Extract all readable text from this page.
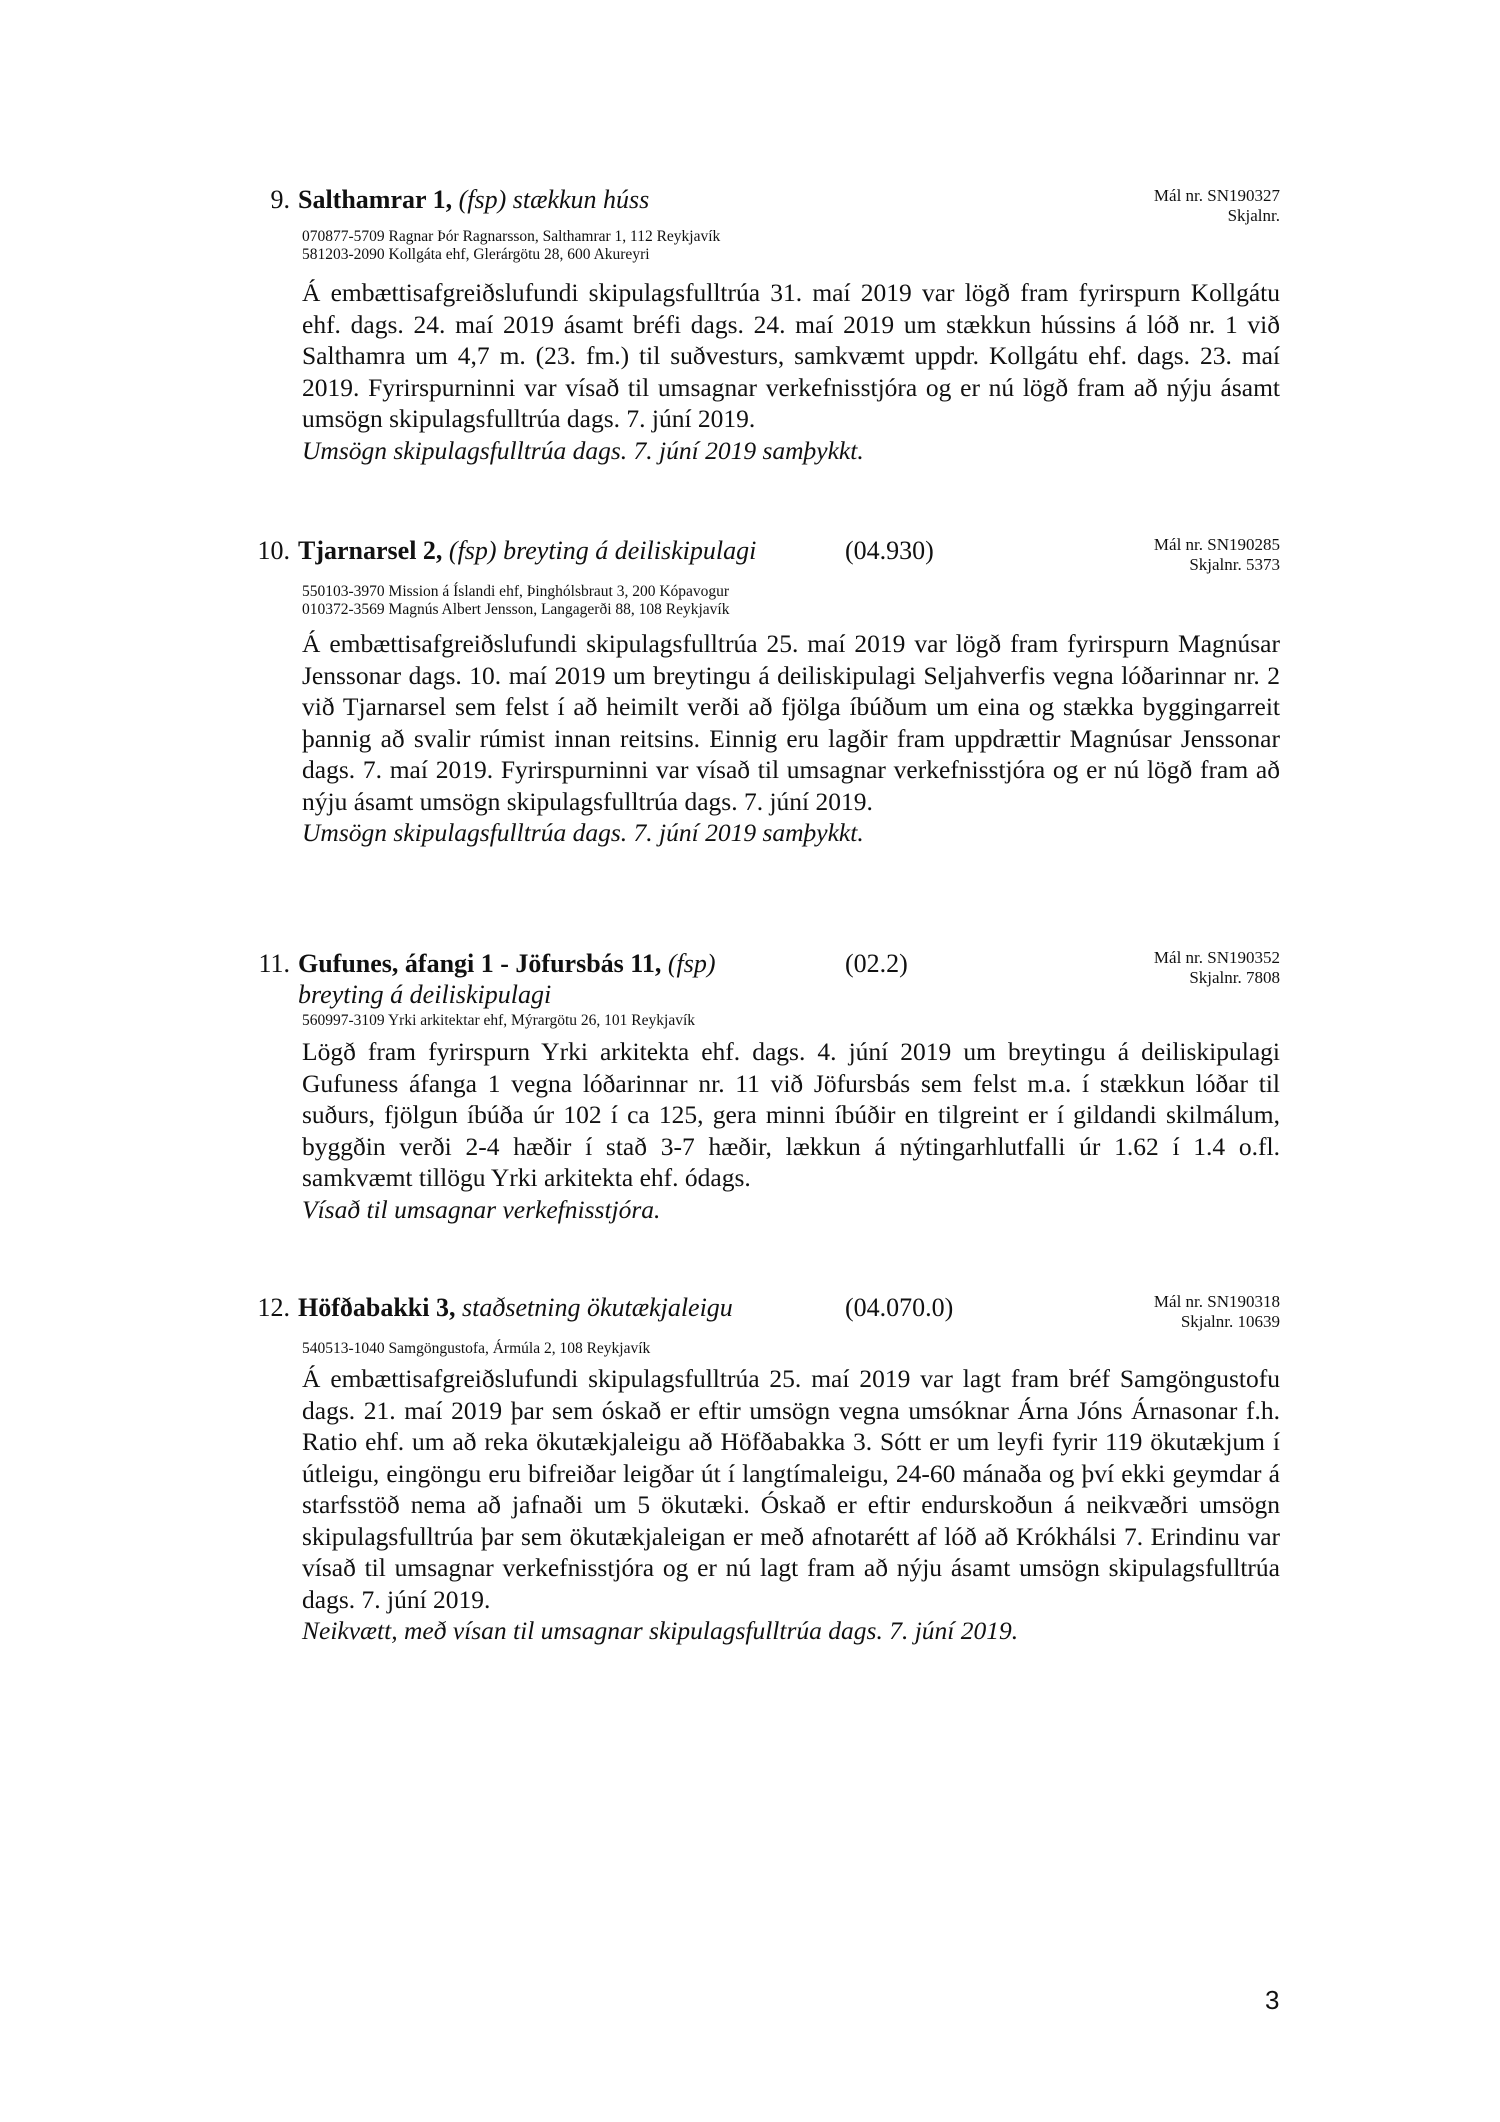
9. Salthamrar 1, (fsp) stækkun húss	Mál nr. SN190327
Skjalnr.
070877-5709 Ragnar Þór Ragnarsson, Salthamrar 1, 112 Reykjavík
581203-2090 Kollgáta ehf, Glerárgötu 28, 600 Akureyri

Á embættisafgreiðslufundi skipulagsfulltrúa 31. maí 2019 var lögð fram fyrirspurn Kollgátu ehf. dags. 24. maí 2019 ásamt bréfi dags. 24. maí 2019 um stækkun hússins á lóð nr. 1 við Salthamra um 4,7 m. (23. fm.) til suðvesturs, samkvæmt uppdr. Kollgátu ehf. dags. 23. maí 2019. Fyrirspurninni var vísað til umsagnar verkefnisstjóra og er nú lögð fram að nýju ásamt umsögn skipulagsfulltrúa dags. 7. júní 2019.

Umsögn skipulagsfulltrúa dags. 7. júní 2019 samþykkt.

10. Tjarnarsel 2, (fsp) breyting á deiliskipulagi	(04.930)	Mál nr. SN190285
Skjalnr. 5373
550103-3970 Mission á Íslandi ehf, Þinghólsbraut 3, 200 Kópavogur
010372-3569 Magnús Albert Jensson, Langagerði 88, 108 Reykjavík

Á embættisafgreiðslufundi skipulagsfulltrúa 25. maí 2019 var lögð fram fyrirspurn Magnúsar Jenssonar dags. 10. maí 2019 um breytingu á deiliskipulagi Seljahverfis vegna lóðarinnar nr. 2 við Tjarnarsel sem felst í að heimilt verði að fjölga íbúðum um eina og stækka byggingarreit þannig að svalir rúmist innan reitsins. Einnig eru lagðir fram uppdrættir Magnúsar Jenssonar dags. 7. maí 2019. Fyrirspurninni var vísað til umsagnar verkefnisstjóra og er nú lögð fram að nýju ásamt umsögn skipulagsfulltrúa dags. 7. júní 2019.

Umsögn skipulagsfulltrúa dags. 7. júní 2019 samþykkt.

11. Gufunes, áfangi 1 - Jöfursbás 11, (fsp)
breyting á deiliskipulagi
(02.2)	Mál nr. SN190352
Skjalnr. 7808
560997-3109 Yrki arkitektar ehf, Mýrargötu 26, 101 Reykjavík

Lögð fram fyrirspurn Yrki arkitekta ehf. dags. 4. júní 2019 um breytingu á deiliskipulagi Gufuness áfanga 1 vegna lóðarinnar nr. 11 við Jöfursbás sem felst m.a. í stækkun lóðar til suðurs, fjölgun íbúða úr 102 í ca 125, gera minni íbúðir en tilgreint er í gildandi skilmálum, byggðin verði 2-4 hæðir í stað 3-7 hæðir, lækkun á nýtingarhlutfalli úr 1.62 í 1.4 o.fl. samkvæmt tillögu Yrki arkitekta ehf. ódags.

Vísað til umsagnar verkefnisstjóra.

12. Höfðabakki 3, staðsetning ökutækjaleigu	(04.070.0)	Mál nr. SN190318
Skjalnr. 10639
540513-1040 Samgöngustofa, Ármúla 2, 108 Reykjavík

Á embættisafgreiðslufundi skipulagsfulltrúa 25. maí 2019 var lagt fram bréf Samgöngustofu dags. 21. maí 2019 þar sem óskað er eftir umsögn vegna umsóknar Árna Jóns Árnasonar f.h. Ratio ehf. um að reka ökutækjaleigu að Höfðabakka 3. Sótt er um leyfi fyrir 119 ökutækjum í útleigu, eingöngu eru bifreiðar leigðar út í langtímaleigu, 24-60 mánaða og því ekki geymdar á starfsstöð nema að jafnaði um 5 ökutæki. Óskað er eftir endurskoðun á neikvæðri umsögn skipulagsfulltrúa þar sem ökutækjaleigan er með afnotarétt af lóð að Krókhálsi 7. Erindinu var vísað til umsagnar verkefnisstjóra og er nú lagt fram að nýju ásamt umsögn skipulagsfulltrúa dags. 7. júní 2019.

Neikvætt, með vísan til umsagnar skipulagsfulltrúa dags. 7. júní 2019.

3
